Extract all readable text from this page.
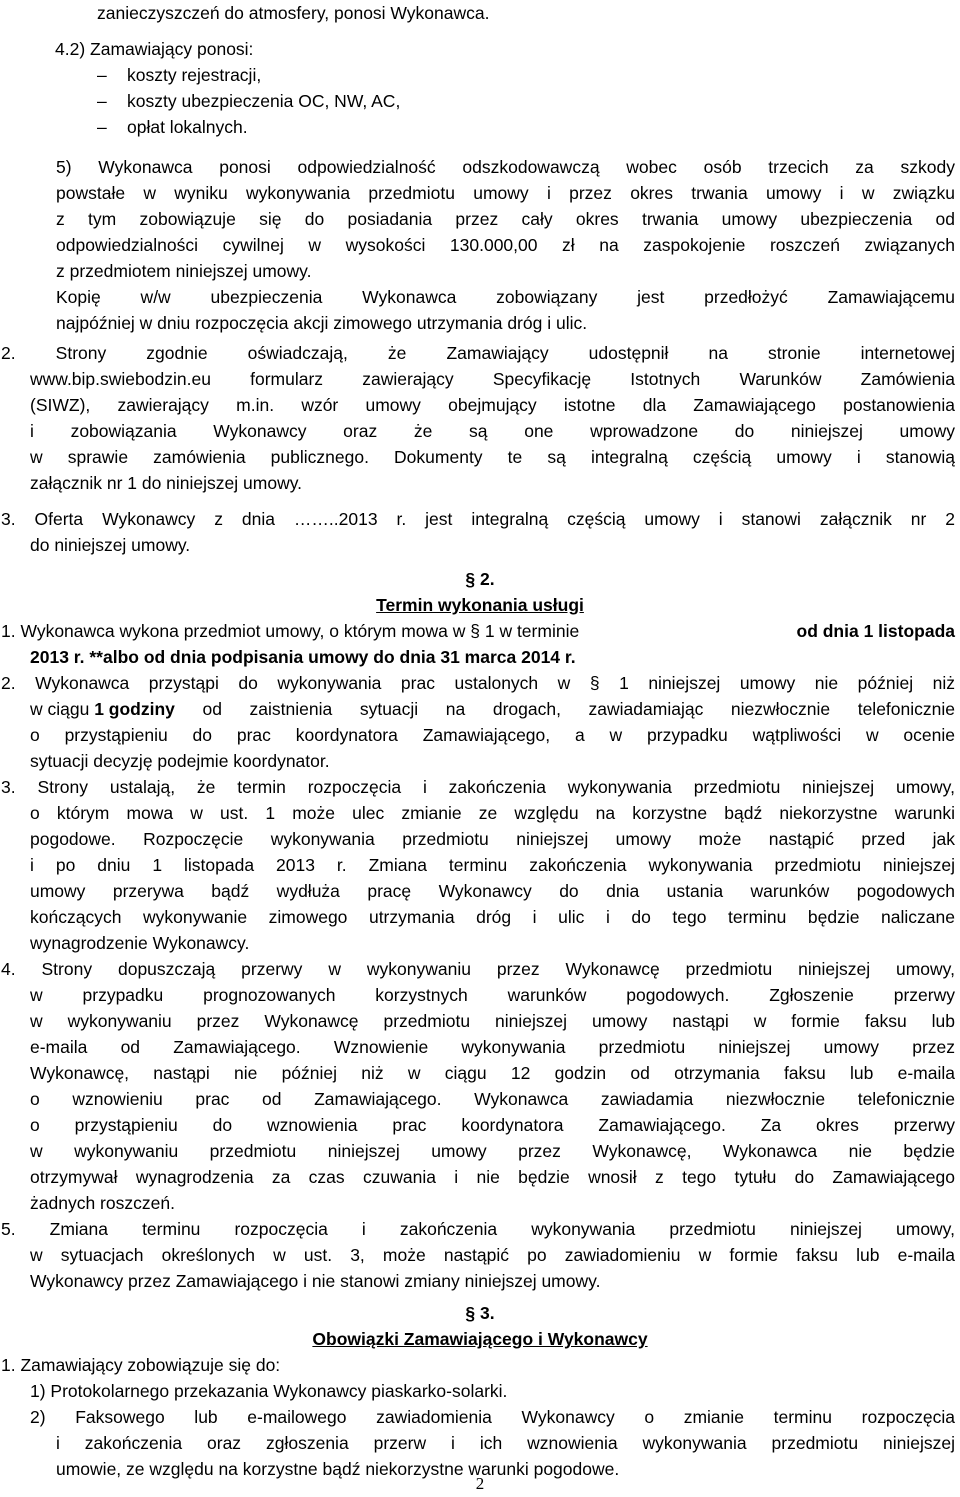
zanieczyszczeń do atmosfery, ponosi Wykonawca.
4.2) Zamawiający ponosi:
– koszty rejestracji,
– koszty ubezpieczenia OC, NW, AC,
– opłat lokalnych.
5) Wykonawca ponosi odpowiedzialność odszkodowawczą wobec osób trzecich za szkody
powstałe w wyniku wykonywania przedmiotu umowy i przez okres trwania umowy i w związku
z tym zobowiązuje się do posiadania przez cały okres trwania umowy ubezpieczenia od
odpowiedzialności cywilnej w wysokości 130.000,00 zł na zaspokojenie roszczeń związanych
z przedmiotem niniejszej umowy.
Kopię w/w ubezpieczenia Wykonawca zobowiązany jest przedłożyć Zamawiającemu
najpóźniej w dniu rozpoczęcia akcji zimowego utrzymania dróg i ulic.
2. Strony zgodnie oświadczają, że Zamawiający udostępnił na stronie internetowej
www.bip.swiebodzin.eu formularz zawierający Specyfikację Istotnych Warunków Zamówienia
(SIWZ), zawierający m.in. wzór umowy obejmujący istotne dla Zamawiającego postanowienia
i zobowiązania Wykonawcy oraz że są one wprowadzone do niniejszej umowy
w sprawie zamówienia publicznego. Dokumenty te są integralną częścią umowy i stanowią
załącznik nr 1 do niniejszej umowy.
3. Oferta Wykonawcy z dnia ……..2013 r. jest integralną częścią umowy i stanowi załącznik nr 2
do niniejszej umowy.
§ 2.
Termin wykonania usługi
1. Wykonawca wykona przedmiot umowy, o którym mowa w § 1 w terminie	od dnia 1 listopada
2013 r. **albo od dnia podpisania umowy do dnia 31 marca 2014 r.
2. Wykonawca przystąpi do wykonywania prac ustalonych w § 1 niniejszej umowy nie później niż
w ciągu 1 godziny od zaistnienia sytuacji na drogach, zawiadamiając niezwłocznie telefonicznie
o przystąpieniu do prac koordynatora Zamawiającego, a w przypadku wątpliwości w ocenie
sytuacji decyzję podejmie koordynator.
3. Strony ustalają, że termin rozpoczęcia i zakończenia wykonywania przedmiotu niniejszej umowy,
o którym mowa w ust. 1 może ulec zmianie ze względu na korzystne bądź niekorzystne warunki
pogodowe. Rozpoczęcie wykonywania przedmiotu niniejszej umowy może nastąpić przed jak
i po dniu 1 listopada 2013 r. Zmiana terminu zakończenia wykonywania przedmiotu niniejszej
umowy przerywa bądź wydłuża pracę Wykonawcy do dnia ustania warunków pogodowych
kończących wykonywanie zimowego utrzymania dróg i ulic i do tego terminu będzie naliczane
wynagrodzenie Wykonawcy.
4. Strony dopuszczają przerwy w wykonywaniu przez Wykonawcę przedmiotu niniejszej umowy,
w przypadku prognozowanych korzystnych warunków pogodowych. Zgłoszenie przerwy
w wykonywaniu przez Wykonawcę przedmiotu niniejszej umowy nastąpi w formie faksu lub
e-maila od Zamawiającego. Wznowienie wykonywania przedmiotu niniejszej umowy przez
Wykonawcę, nastąpi nie później niż w ciągu 12 godzin od otrzymania faksu lub e-maila
o wznowieniu prac od Zamawiającego. Wykonawca zawiadamia niezwłocznie telefonicznie
o przystąpieniu do wznowienia prac koordynatora Zamawiającego. Za okres przerwy
w wykonywaniu przedmiotu niniejszej umowy przez Wykonawcę, Wykonawca nie będzie
otrzymywał wynagrodzenia za czas czuwania i nie będzie wnosił z tego tytułu do Zamawiającego
żadnych roszczeń.
5. Zmiana terminu rozpoczęcia i zakończenia wykonywania przedmiotu niniejszej umowy,
w sytuacjach określonych w ust. 3, może nastąpić po zawiadomieniu w formie faksu lub e-maila
Wykonawcy przez Zamawiającego i nie stanowi zmiany niniejszej umowy.
§ 3.
Obowiązki Zamawiającego i Wykonawcy
1. Zamawiający zobowiązuje się do:
1) Protokolarnego przekazania Wykonawcy piaskarko-solarki.
2) Faksowego lub e-mailowego zawiadomienia Wykonawcy o zmianie terminu rozpoczęcia
i zakończenia oraz zgłoszenia przerw i ich wznowienia wykonywania przedmiotu niniejszej
umowie, ze względu na korzystne bądź niekorzystne warunki pogodowe.
2
